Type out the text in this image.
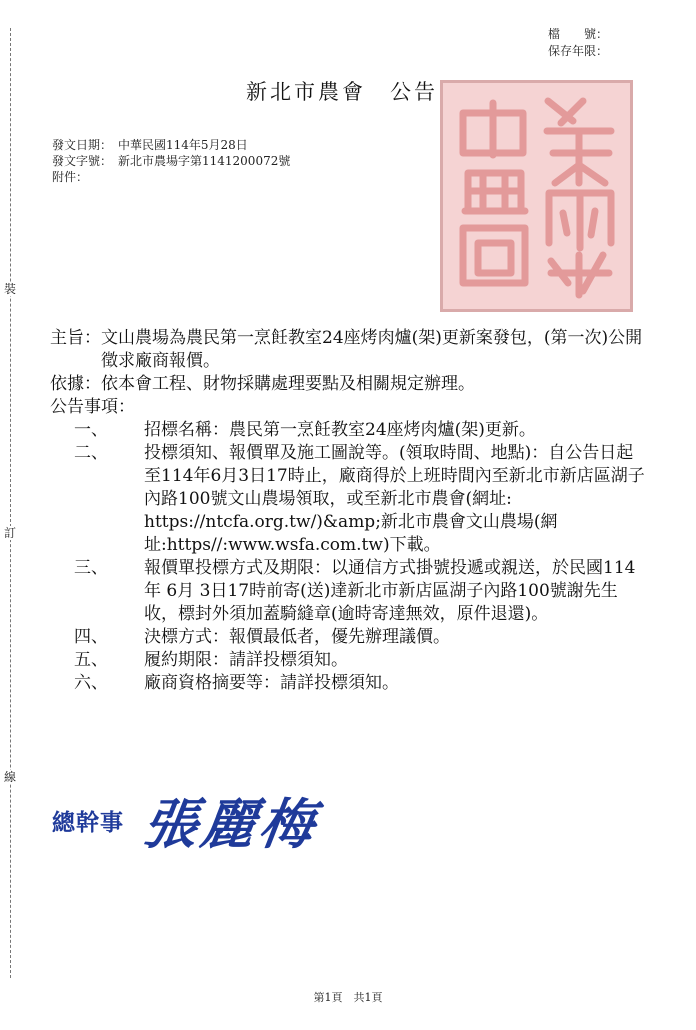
裝
訂
線
檔　　號：
保存年限：
新北市農會　公告
發文日期： 中華民國114年5月28日
發文字號： 新北市農場字第1141200072號
附件：
主旨： 文山農場為農民第一烹飪教室24座烤肉爐(架)更新案發包，(第一次)公開徵求廠商報價。
依據： 依本會工程、財物採購處理要點及相關規定辦理。
公告事項：
一、	招標名稱：農民第一烹飪教室24座烤肉爐(架)更新。
二、	投標須知、報價單及施工圖說等。(領取時間、地點)：自公告日起至114年6月3日17時止，廠商得於上班時間內至新北市新店區湖子內路100號文山農場領取，或至新北市農會(網址: https://ntcfa.org.tw/)&amp;新北市農會文山農場(網址:https//:www.wsfa.com.tw)下載。
三、	報價單投標方式及期限：以通信方式掛號投遞或親送，於民國114年 6月 3日17時前寄(送)達新北市新店區湖子內路100號謝先生收，標封外須加蓋騎縫章(逾時寄達無效，原件退還)。
四、	決標方式：報價最低者，優先辦理議價。
五、	履約期限：請詳投標須知。
六、	廠商資格摘要等：請詳投標須知。
總幹事 張麗梅
第1頁　共1頁
